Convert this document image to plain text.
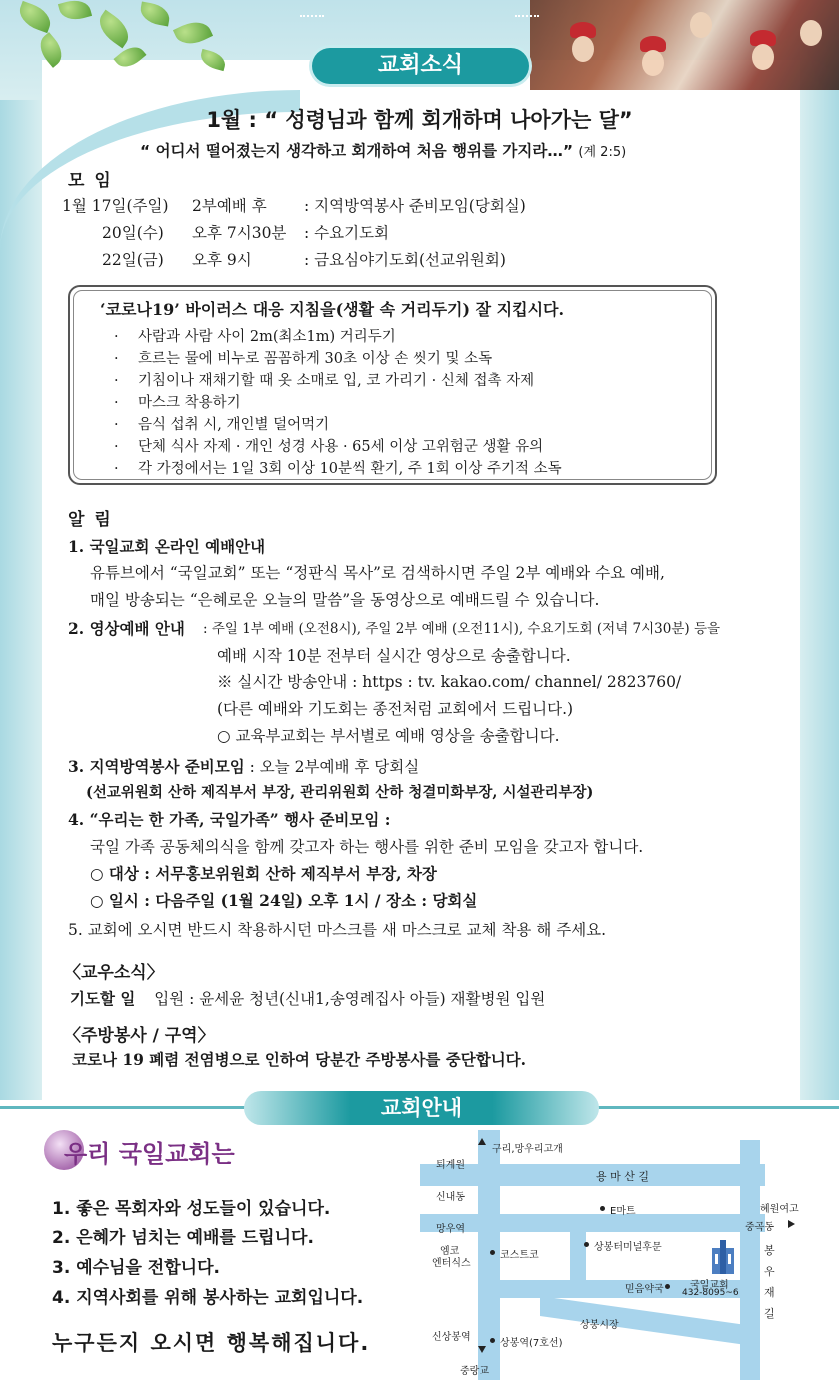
교회소식
1월 : “ 성령님과 함께 회개하며 나아가는 달”
“ 어디서 떨어졌는지 생각하고 회개하여 처음 행위를 가지라…” (계 2:5)
모 임
1월 17일(주일) 2부예배 후 : 지역방역봉사 준비모임(당회실)
20일(수) 오후 7시30분 : 수요기도회
22일(금) 오후 9시	: 금요심야기도회(선교위원회)
‘코로나19’ 바이러스 대응 지침을(생활 속 거리두기) 잘 지킵시다.
· 사람과 사람 사이 2m(최소1m) 거리두기
· 흐르는 물에 비누로 꼼꼼하게 30초 이상 손 씻기 및 소독
· 기침이나 재채기할 때 옷 소매로 입, 코 가리기 · 신체 접촉 자제
· 마스크 착용하기
· 음식 섭취 시, 개인별 덜어먹기
· 단체 식사 자제 · 개인 성경 사용 · 65세 이상 고위험군 생활 유의
· 각 가정에서는 1일 3회 이상 10분씩 환기, 주 1회 이상 주기적 소독
알 림
1. 국일교회 온라인 예배안내
유튜브에서 “국일교회” 또는 “정판식 목사”로 검색하시면 주일 2부 예배와 수요 예배,
매일 방송되는 “은혜로운 오늘의 말씀”을 동영상으로 예배드릴 수 있습니다.
2. 영상예배 안내 : 주일 1부 예배 (오전8시), 주일 2부 예배 (오전11시), 수요기도회 (저녁 7시30분) 등을
예배 시작 10분 전부터 실시간 영상으로 송출합니다.
※ 실시간 방송안내 : https : tv. kakao.com/ channel/ 2823760/
(다른 예배와 기도회는 종전처럼 교회에서 드립니다.)
○ 교육부교회는 부서별로 예배 영상을 송출합니다.
3. 지역방역봉사 준비모임 : 오늘 2부예배 후 당회실
(선교위원회 산하 제직부서 부장, 관리위원회 산하 청결미화부장, 시설관리부장)
4. “우리는 한 가족, 국일가족” 행사 준비모임 :
국일 가족 공동체의식을 함께 갖고자 하는 행사를 위한 준비 모임을 갖고자 합니다.
○ 대상 : 서무홍보위원회 산하 제직부서 부장, 차장
○ 일시 : 다음주일 (1월 24일) 오후 1시 / 장소 : 당회실
5. 교회에 오시면 반드시 착용하시던 마스크를 새 마스크로 교체 착용 해 주세요.
〈교우소식〉
기도할 일 입원 : 윤세윤 청년(신내1,송영례집사 아들) 재활병원 입원
〈주방봉사 / 구역〉
코로나 19 폐렴 전염병으로 인하여 당분간 주방봉사를 중단합니다.
교회안내
우리 국일교회는
1. 좋은 목회자와 성도들이 있습니다.
2. 은혜가 넘치는 예배를 드립니다.
3. 예수님을 전합니다.
4. 지역사회를 위해 봉사하는 교회입니다.
누구든지 오시면 행복해집니다.
구리,망우리고개
퇴계원
용 마 산 길
신내동
E마트	혜원여고
망우역	중곡동
엠코
엔터식스
코스트코
상봉터미널후문
국일교회
432-8095~6
믿음약국
봉우재길
상봉시장
신상봉역
상봉역(7호선)
중랑교
